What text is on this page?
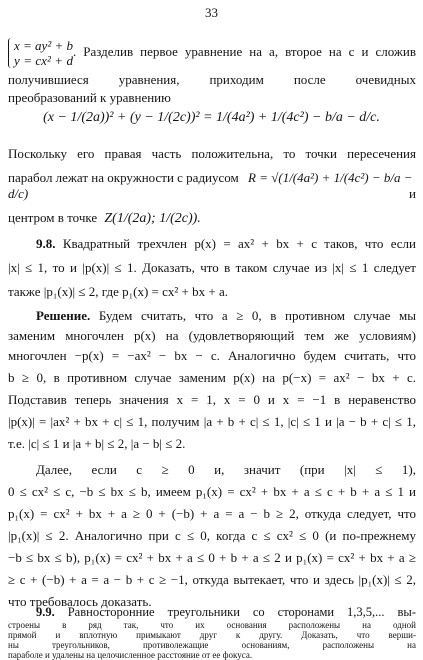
33
x = ay² + b
y = cx² + d. Разделив первое уравнение на a, второе на c и сложив
получившиеся уравнения, приходим после очевидных
преобразований к уравнению
(x − 1/(2a))² + (y − 1/(2c))² = 1/(4a²) + 1/(4c²) − b/a − d/c.
Поскольку его правая часть положительна, то точки пересечения
парабол лежат на окружности с радиусом R = √(1/(4a²) + 1/(4c²) − b/a − d/c)	и
центром в точке Z(1/(2a); 1/(2c)).
9.8. Квадратный трехчлен p(x) = ax² + bx + c таков, что если
|x| ≤ 1, то и |p(x)| ≤ 1. Доказать, что в таком случае из |x| ≤ 1 следует
также |p₁(x)| ≤ 2, где p₁(x) = cx² + bx + a.
Решение. Будем считать, что a ≥ 0, в противном случае мы
заменим многочлен p(x) на (удовлетворяющий тем же условиям)
многочлен −p(x) = −ax² − bx − c. Аналогично будем считать, что
b ≥ 0, в противном случае заменим p(x) на p(−x) = ax² − bx + c.
Подставив теперь значения x = 1, x = 0 и x = −1 в неравенство
|p(x)| = |ax² + bx + c| ≤ 1, получим |a + b + c| ≤ 1, |c| ≤ 1 и |a − b + c| ≤ 1,
т.е. |c| ≤ 1 и |a + b| ≤ 2, |a − b| ≤ 2.
Далее, если c ≥ 0 и, значит (при |x| ≤ 1),
0 ≤ cx² ≤ c, −b ≤ bx ≤ b, имеем p₁(x) = cx² + bx + a ≤ c + b + a ≤ 1 и
p₁(x) = cx² + bx + a ≥ 0 + (−b) + a = a − b ≥ 2, откуда следует, что
|p₁(x)| ≤ 2. Аналогично при c ≤ 0, когда c ≤ cx² ≤ 0 (и по-прежнему
−b ≤ bx ≤ b), p₁(x) = cx² + bx + a ≤ 0 + b + a ≤ 2 и p₁(x) = cx² + bx + a ≥
≥ c + (−b) + a = a − b + c ≥ −1, откуда вытекает, что и здесь |p₁(x)| ≤ 2,
что требовалось доказать.
9.9. Равносторонние треугольники со сторонами 1,3,5,... вы-
строены в ряд так, что их основания расположены на одной
прямой и вплотную примыкают друг к другу. Доказать, что верши-
ны треугольников, противолежащие основаниям, расположены на
параболе и удалены на целочисленное расстояние от ее фокуса.
